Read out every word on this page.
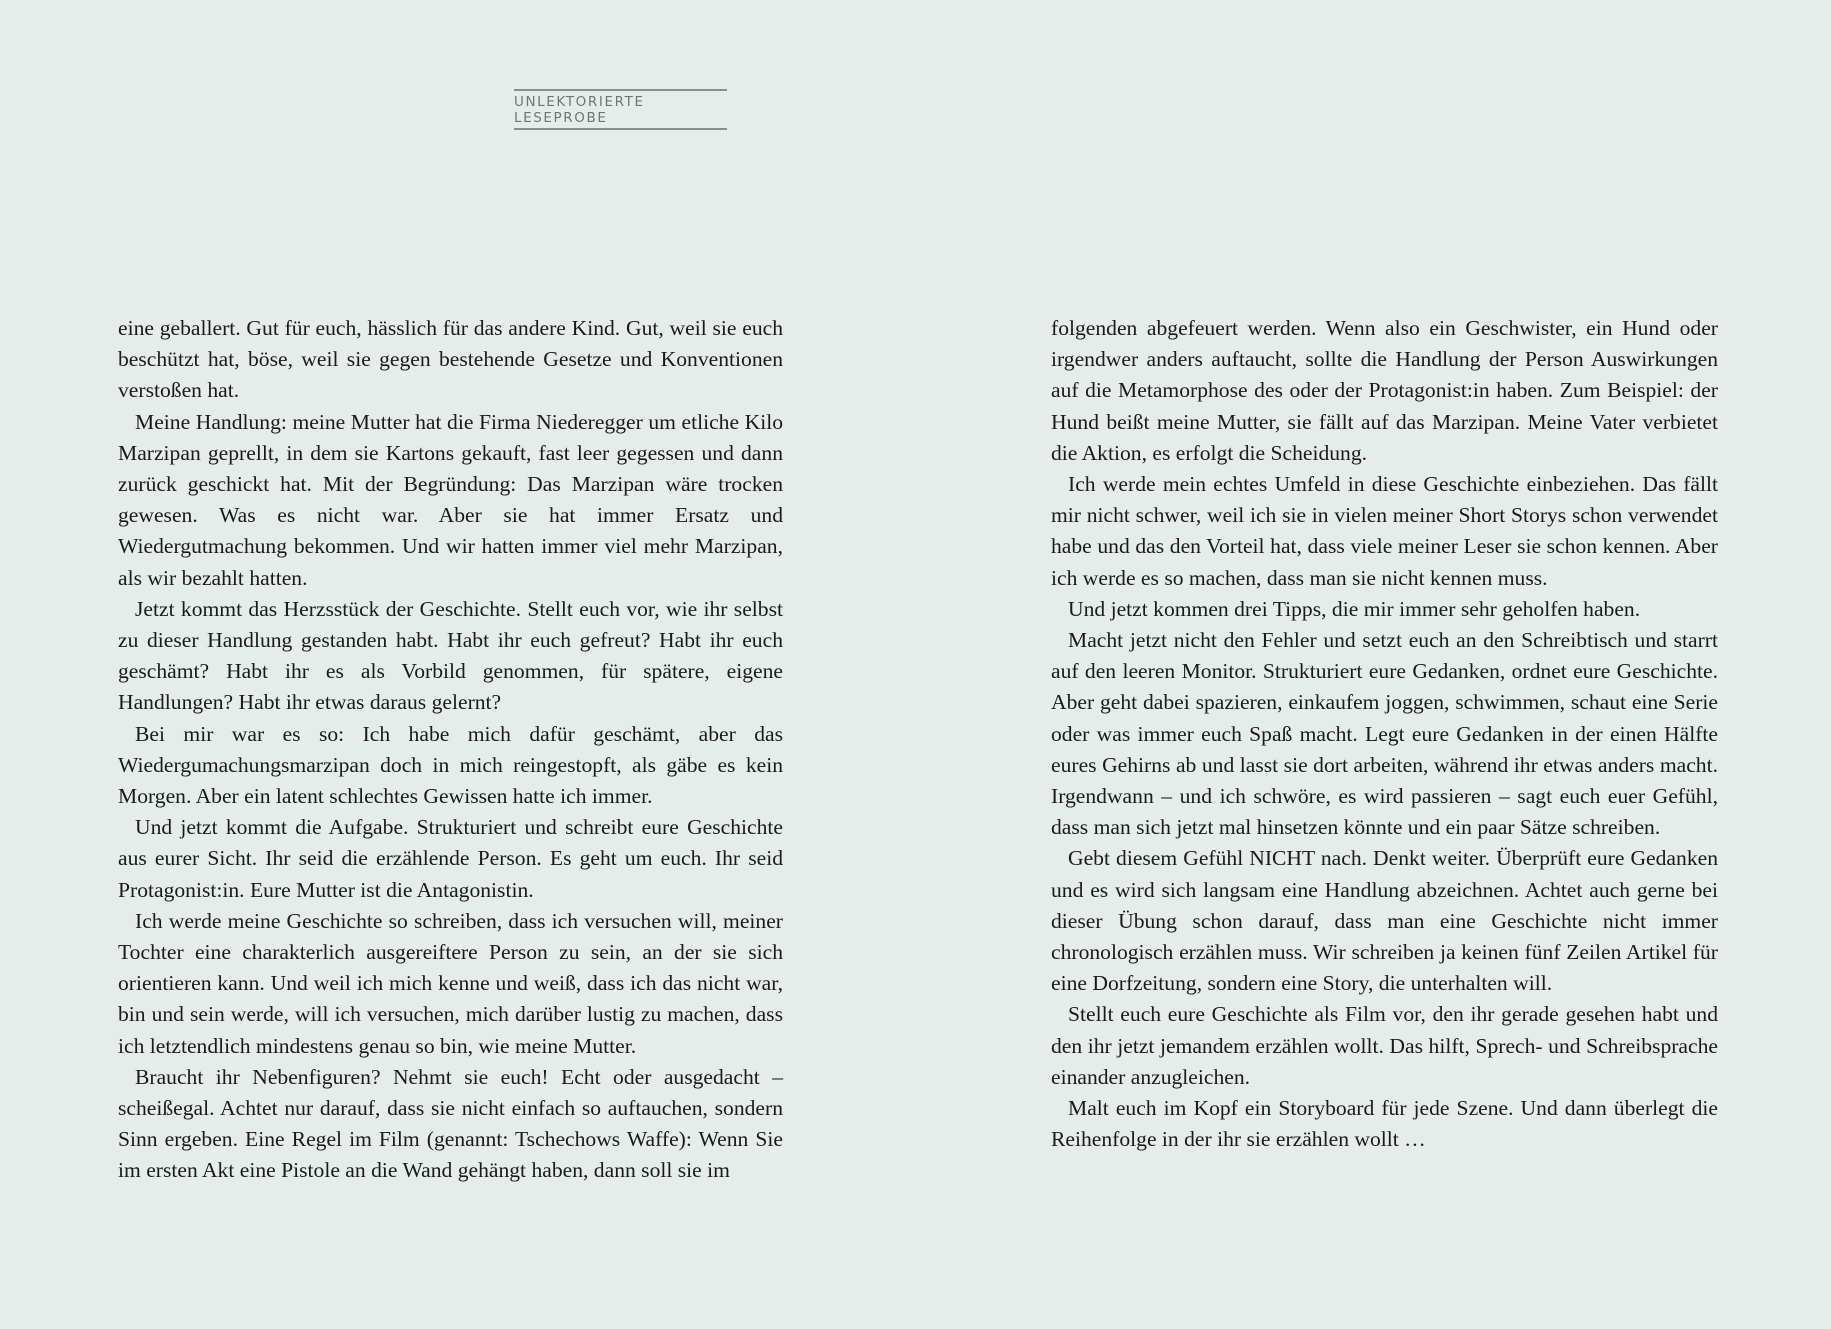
UNLEKTORIERTE LESEPROBE

eine geballert. Gut für euch, hässlich für das andere Kind. Gut, weil sie euch beschützt hat, böse, weil sie gegen bestehende Gesetze und Konventionen verstoßen hat.

Meine Handlung: meine Mutter hat die Firma Niederegger um etliche Kilo Marzipan geprellt, in dem sie Kartons gekauft, fast leer gegessen und dann zurück geschickt hat. Mit der Begründung: Das Marzipan wäre trocken gewesen. Was es nicht war. Aber sie hat immer Ersatz und Wiedergutmachung bekommen. Und wir hatten immer viel mehr Marzipan, als wir bezahlt hatten.

Jetzt kommt das Herzsstück der Geschichte. Stellt euch vor, wie ihr selbst zu dieser Handlung gestanden habt. Habt ihr euch gefreut? Habt ihr euch geschämt? Habt ihr es als Vorbild genommen, für spätere, eigene Handlungen? Habt ihr etwas daraus gelernt?

Bei mir war es so: Ich habe mich dafür geschämt, aber das Wiedergumachungsmarzipan doch in mich reingestopft, als gäbe es kein Morgen. Aber ein latent schlechtes Gewissen hatte ich immer.

Und jetzt kommt die Aufgabe. Strukturiert und schreibt eure Geschichte aus eurer Sicht. Ihr seid die erzählende Person. Es geht um euch. Ihr seid Protagonist:in. Eure Mutter ist die Antagonistin.

Ich werde meine Geschichte so schreiben, dass ich versuchen will, meiner Tochter eine charakterlich ausgereiftere Person zu sein, an der sie sich orientieren kann. Und weil ich mich kenne und weiß, dass ich das nicht war, bin und sein werde, will ich versuchen, mich darüber lustig zu machen, dass ich letztendlich mindestens genau so bin, wie meine Mutter.

Braucht ihr Nebenfiguren? Nehmt sie euch! Echt oder ausgedacht – scheißegal. Achtet nur darauf, dass sie nicht einfach so auftauchen, sondern Sinn ergeben. Eine Regel im Film (genannt: Tschechows Waffe): Wenn Sie im ersten Akt eine Pistole an die Wand gehängt haben, dann soll sie im

folgenden abgefeuert werden. Wenn also ein Geschwister, ein Hund oder irgendwer anders auftaucht, sollte die Handlung der Person Auswirkungen auf die Metamorphose des oder der Protagonist:in haben. Zum Beispiel: der Hund beißt meine Mutter, sie fällt auf das Marzipan. Meine Vater verbietet die Aktion, es erfolgt die Scheidung.

Ich werde mein echtes Umfeld in diese Geschichte einbeziehen. Das fällt mir nicht schwer, weil ich sie in vielen meiner Short Storys schon verwendet habe und das den Vorteil hat, dass viele meiner Leser sie schon kennen. Aber ich werde es so machen, dass man sie nicht kennen muss.

Und jetzt kommen drei Tipps, die mir immer sehr geholfen haben.

Macht jetzt nicht den Fehler und setzt euch an den Schreibtisch und starrt auf den leeren Monitor. Strukturiert eure Gedanken, ordnet eure Geschichte. Aber geht dabei spazieren, einkaufem joggen, schwimmen, schaut eine Serie oder was immer euch Spaß macht. Legt eure Gedanken in der einen Hälfte eures Gehirns ab und lasst sie dort arbeiten, während ihr etwas anders macht. Irgendwann – und ich schwöre, es wird passieren – sagt euch euer Gefühl, dass man sich jetzt mal hinsetzen könnte und ein paar Sätze schreiben.

Gebt diesem Gefühl NICHT nach. Denkt weiter. Überprüft eure Gedanken und es wird sich langsam eine Handlung abzeichnen. Achtet auch gerne bei dieser Übung schon darauf, dass man eine Geschichte nicht immer chronologisch erzählen muss. Wir schreiben ja keinen fünf Zeilen Artikel für eine Dorfzeitung, sondern eine Story, die unterhalten will.

Stellt euch eure Geschichte als Film vor, den ihr gerade gesehen habt und den ihr jetzt jemandem erzählen wollt. Das hilft, Sprech- und Schreibsprache einander anzugleichen.

Malt euch im Kopf ein Storyboard für jede Szene. Und dann überlegt die Reihenfolge in der ihr sie erzählen wollt …
